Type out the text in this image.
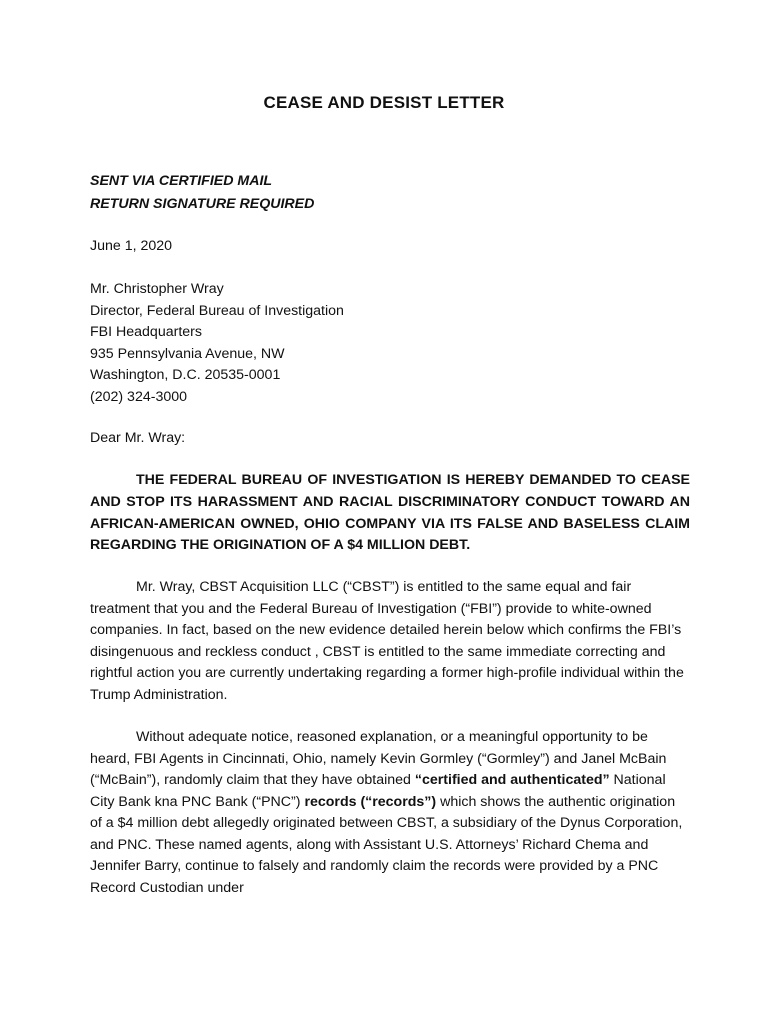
CEASE AND DESIST LETTER
SENT VIA CERTIFIED MAIL
RETURN SIGNATURE REQUIRED
June 1, 2020
Mr. Christopher Wray
Director, Federal Bureau of Investigation
FBI Headquarters
935 Pennsylvania Avenue, NW
Washington, D.C. 20535-0001
(202) 324-3000
Dear Mr. Wray:
THE FEDERAL BUREAU OF INVESTIGATION IS HEREBY DEMANDED TO CEASE AND STOP ITS HARASSMENT AND RACIAL DISCRIMINATORY CONDUCT TOWARD AN AFRICAN-AMERICAN OWNED, OHIO COMPANY VIA ITS FALSE AND BASELESS CLAIM REGARDING THE ORIGINATION OF A $4 MILLION DEBT.
Mr. Wray, CBST Acquisition LLC (“CBST”) is entitled to the same equal and fair treatment that you and the Federal Bureau of Investigation (“FBI”) provide to white-owned companies. In fact, based on the new evidence detailed herein below which confirms the FBI’s disingenuous and reckless conduct , CBST is entitled to the same immediate correcting and rightful action you are currently undertaking regarding a former high-profile individual within the Trump Administration.
Without adequate notice, reasoned explanation, or a meaningful opportunity to be heard, FBI Agents in Cincinnati, Ohio, namely Kevin Gormley (“Gormley”) and Janel McBain (“McBain”), randomly claim that they have obtained “certified and authenticated” National City Bank kna PNC Bank (“PNC”) records (“records”) which shows the authentic origination of a $4 million debt allegedly originated between CBST, a subsidiary of the Dynus Corporation, and PNC. These named agents, along with Assistant U.S. Attorneys’ Richard Chema and Jennifer Barry, continue to falsely and randomly claim the records were provided by a PNC Record Custodian under
